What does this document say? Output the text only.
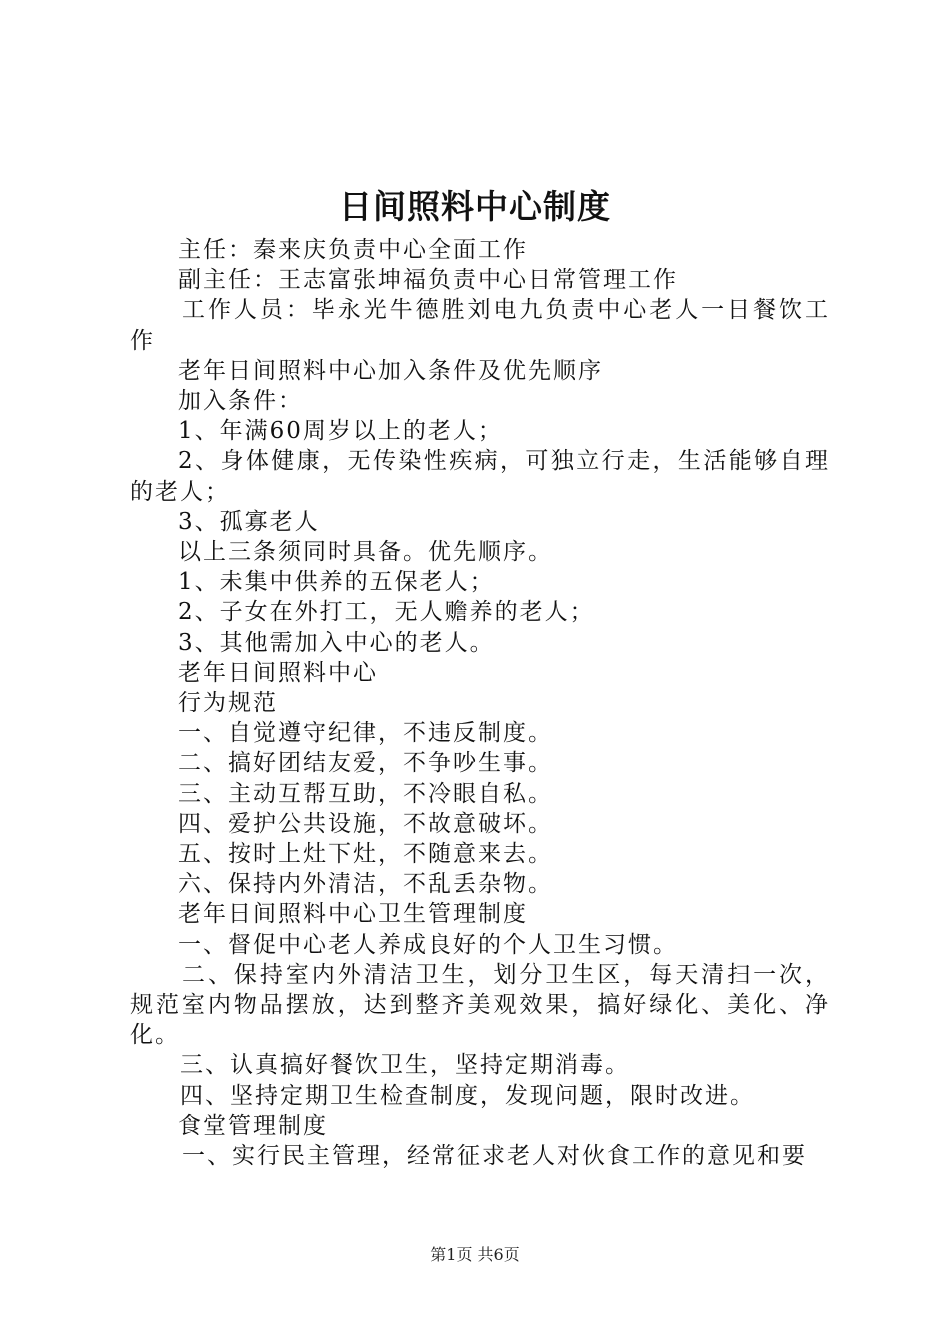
日间照料中心制度

主任：秦来庆负责中心全面工作

副主任：王志富张坤福负责中心日常管理工作

工作人员：毕永光牛德胜刘电九负责中心老人一日餐饮工作

老年日间照料中心加入条件及优先顺序

加入条件：

1、年满60周岁以上的老人；

2、身体健康，无传染性疾病，可独立行走，生活能够自理的老人；

3、孤寡老人

以上三条须同时具备。优先顺序。

1、未集中供养的五保老人；

2、子女在外打工，无人赡养的老人；

3、其他需加入中心的老人。

老年日间照料中心

行为规范

一、自觉遵守纪律，不违反制度。

二、搞好团结友爱，不争吵生事。

三、主动互帮互助，不冷眼自私。

四、爱护公共设施，不故意破坏。

五、按时上灶下灶，不随意来去。

六、保持内外清洁，不乱丢杂物。

老年日间照料中心卫生管理制度

一、督促中心老人养成良好的个人卫生习惯。

二、保持室内外清洁卫生，划分卫生区，每天清扫一次，规范室内物品摆放，达到整齐美观效果，搞好绿化、美化、净化。

三、认真搞好餐饮卫生，坚持定期消毒。

四、坚持定期卫生检查制度，发现问题，限时改进。

食堂管理制度

一、实行民主管理，经常征求老人对伙食工作的意见和要

第1页 共6页
